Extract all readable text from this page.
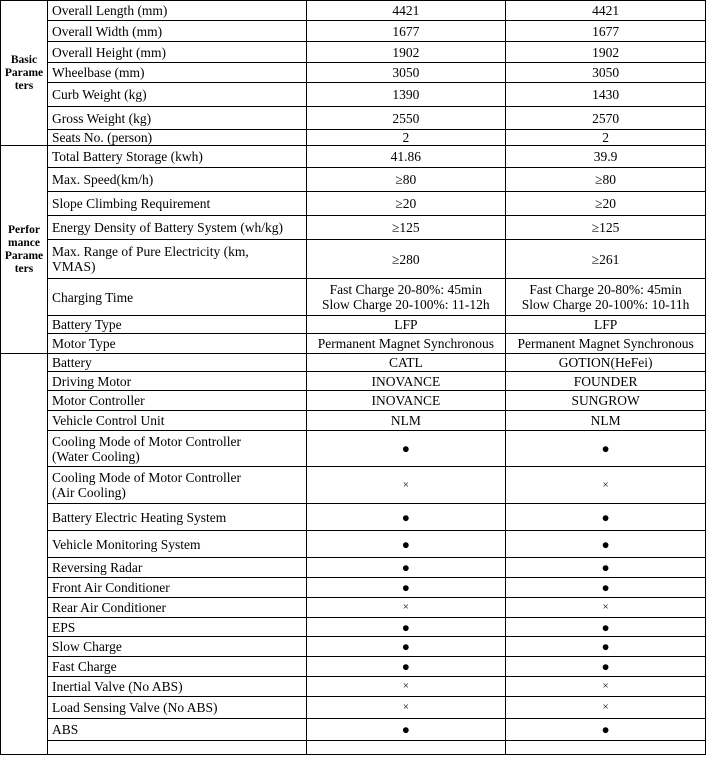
Basic
Parame
ters	Overall Length (mm)	4421	4421

	Overall Width (mm)	1677	1677

	Overall Height (mm)	1902	1902

	Wheelbase (mm)	3050	3050

	Curb Weight (kg)	1390	1430

	Gross Weight (kg)	2550	2570

	Seats No. (person)	2	2

Perfor
mance
Parame
ters	Total Battery Storage (kwh)	41.86	39.9

	Max. Speed(km/h)	≥80	≥80

	Slope Climbing Requirement	≥20	≥20

	Energy Density of Battery System (wh/kg)	≥125	≥125

	Max. Range of Pure Electricity (km,
VMAS)	≥280	≥261

	Charging Time	Fast Charge 20-80%: 45min
Slow Charge 20-100%: 11-12h	Fast Charge 20-80%: 45min
Slow Charge 20-100%: 10-11h

	Battery Type	LFP	LFP

	Motor Type	Permanent Magnet Synchronous	Permanent Magnet Synchronous

	Battery	CATL	GOTION(HeFei)

	Driving Motor	INOVANCE	FOUNDER

	Motor Controller	INOVANCE	SUNGROW

	Vehicle Control Unit	NLM	NLM

	Cooling Mode of Motor Controller
(Water Cooling)	●	●

	Cooling Mode of Motor Controller
(Air Cooling)	×	×

	Battery Electric Heating System	●	●

	Vehicle Monitoring System	●	●

	Reversing Radar	●	●

	Front Air Conditioner	●	●

	Rear Air Conditioner	×	×

	EPS	●	●

	Slow Charge	●	●

	Fast Charge	●	●

	Inertial Valve (No ABS)	×	×

	Load Sensing Valve (No ABS)	×	×

	ABS	●	●
